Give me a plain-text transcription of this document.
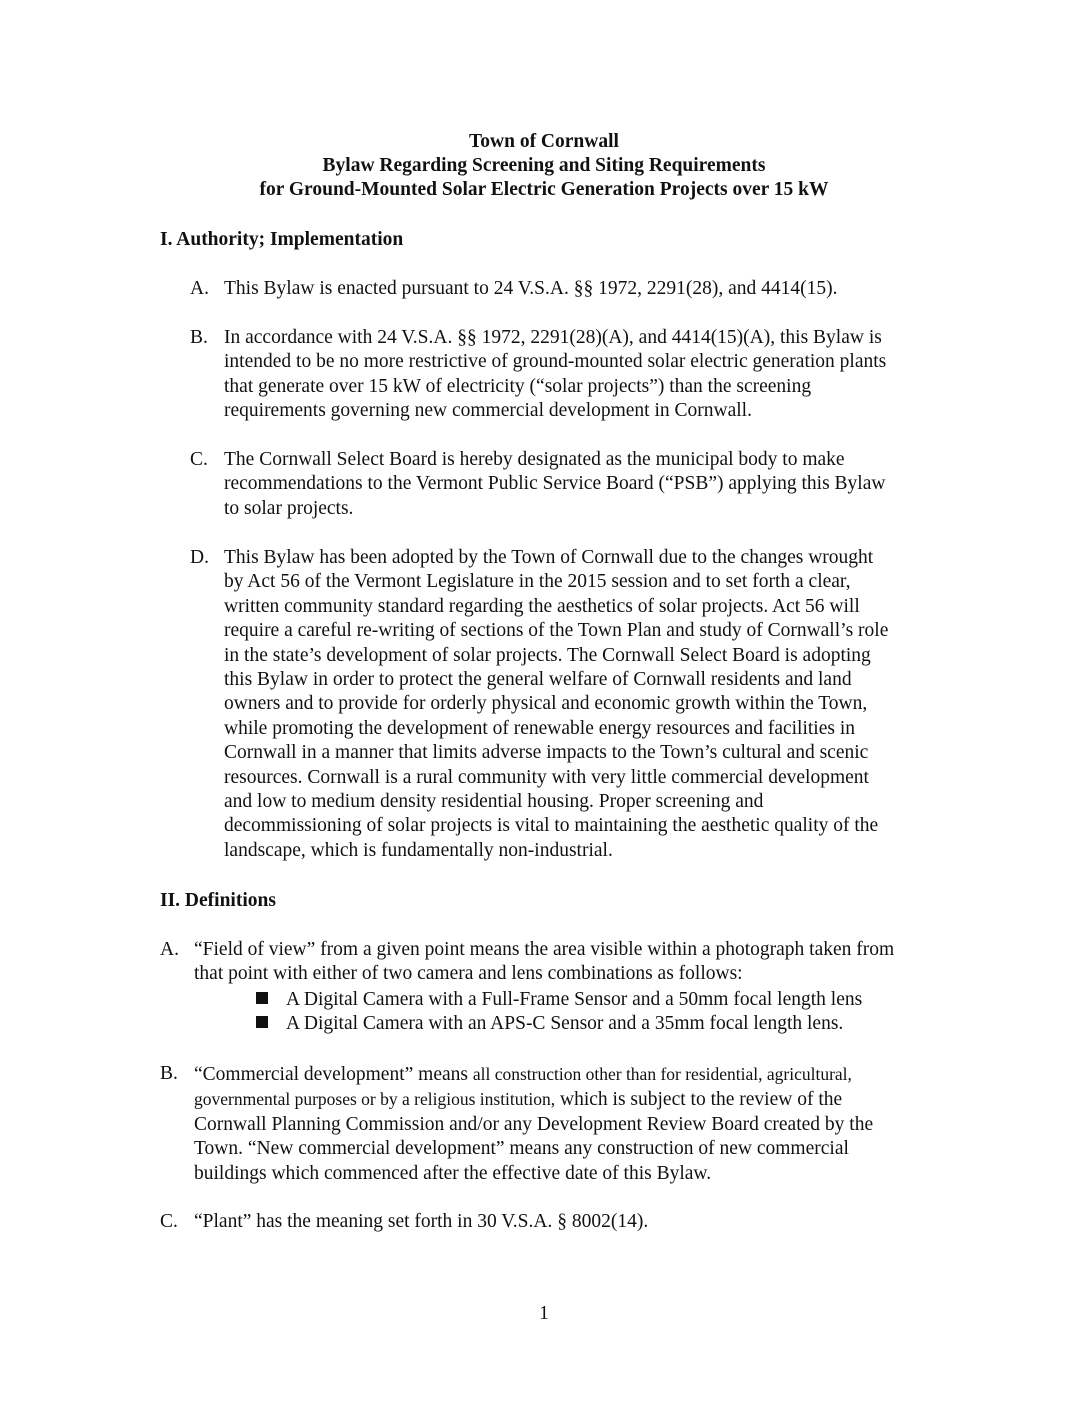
Town of Cornwall
Bylaw Regarding Screening and Siting Requirements
for Ground-Mounted Solar Electric Generation Projects over 15 kW
I. Authority; Implementation
A. This Bylaw is enacted pursuant to 24 V.S.A. §§ 1972, 2291(28), and 4414(15).
B. In accordance with 24 V.S.A. §§ 1972, 2291(28)(A), and 4414(15)(A), this Bylaw is
intended to be no more restrictive of ground-mounted solar electric generation plants
that generate over 15 kW of electricity (“solar projects”) than the screening
requirements governing new commercial development in Cornwall.
C. The Cornwall Select Board is hereby designated as the municipal body to make
recommendations to the Vermont Public Service Board (“PSB”) applying this Bylaw
to solar projects.
D. This Bylaw has been adopted by the Town of Cornwall due to the changes wrought
by Act 56 of the Vermont Legislature in the 2015 session and to set forth a clear,
written community standard regarding the aesthetics of solar projects. Act 56 will
require a careful re-writing of sections of the Town Plan and study of Cornwall’s role
in the state’s development of solar projects. The Cornwall Select Board is adopting
this Bylaw in order to protect the general welfare of Cornwall residents and land
owners and to provide for orderly physical and economic growth within the Town,
while promoting the development of renewable energy resources and facilities in
Cornwall in a manner that limits adverse impacts to the Town’s cultural and scenic
resources. Cornwall is a rural community with very little commercial development
and low to medium density residential housing. Proper screening and
decommissioning of solar projects is vital to maintaining the aesthetic quality of the
landscape, which is fundamentally non-industrial.
II. Definitions
A. “Field of view” from a given point means the area visible within a photograph taken from
that point with either of two camera and lens combinations as follows:
A Digital Camera with a Full-Frame Sensor and a 50mm focal length lens
A Digital Camera with an APS-C Sensor and a 35mm focal length lens.
B. “Commercial development” means all construction other than for residential, agricultural,
governmental purposes or by a religious institution, which is subject to the review of the
Cornwall Planning Commission and/or any Development Review Board created by the
Town. “New commercial development” means any construction of new commercial
buildings which commenced after the effective date of this Bylaw.
C. “Plant” has the meaning set forth in 30 V.S.A. § 8002(14).
1
